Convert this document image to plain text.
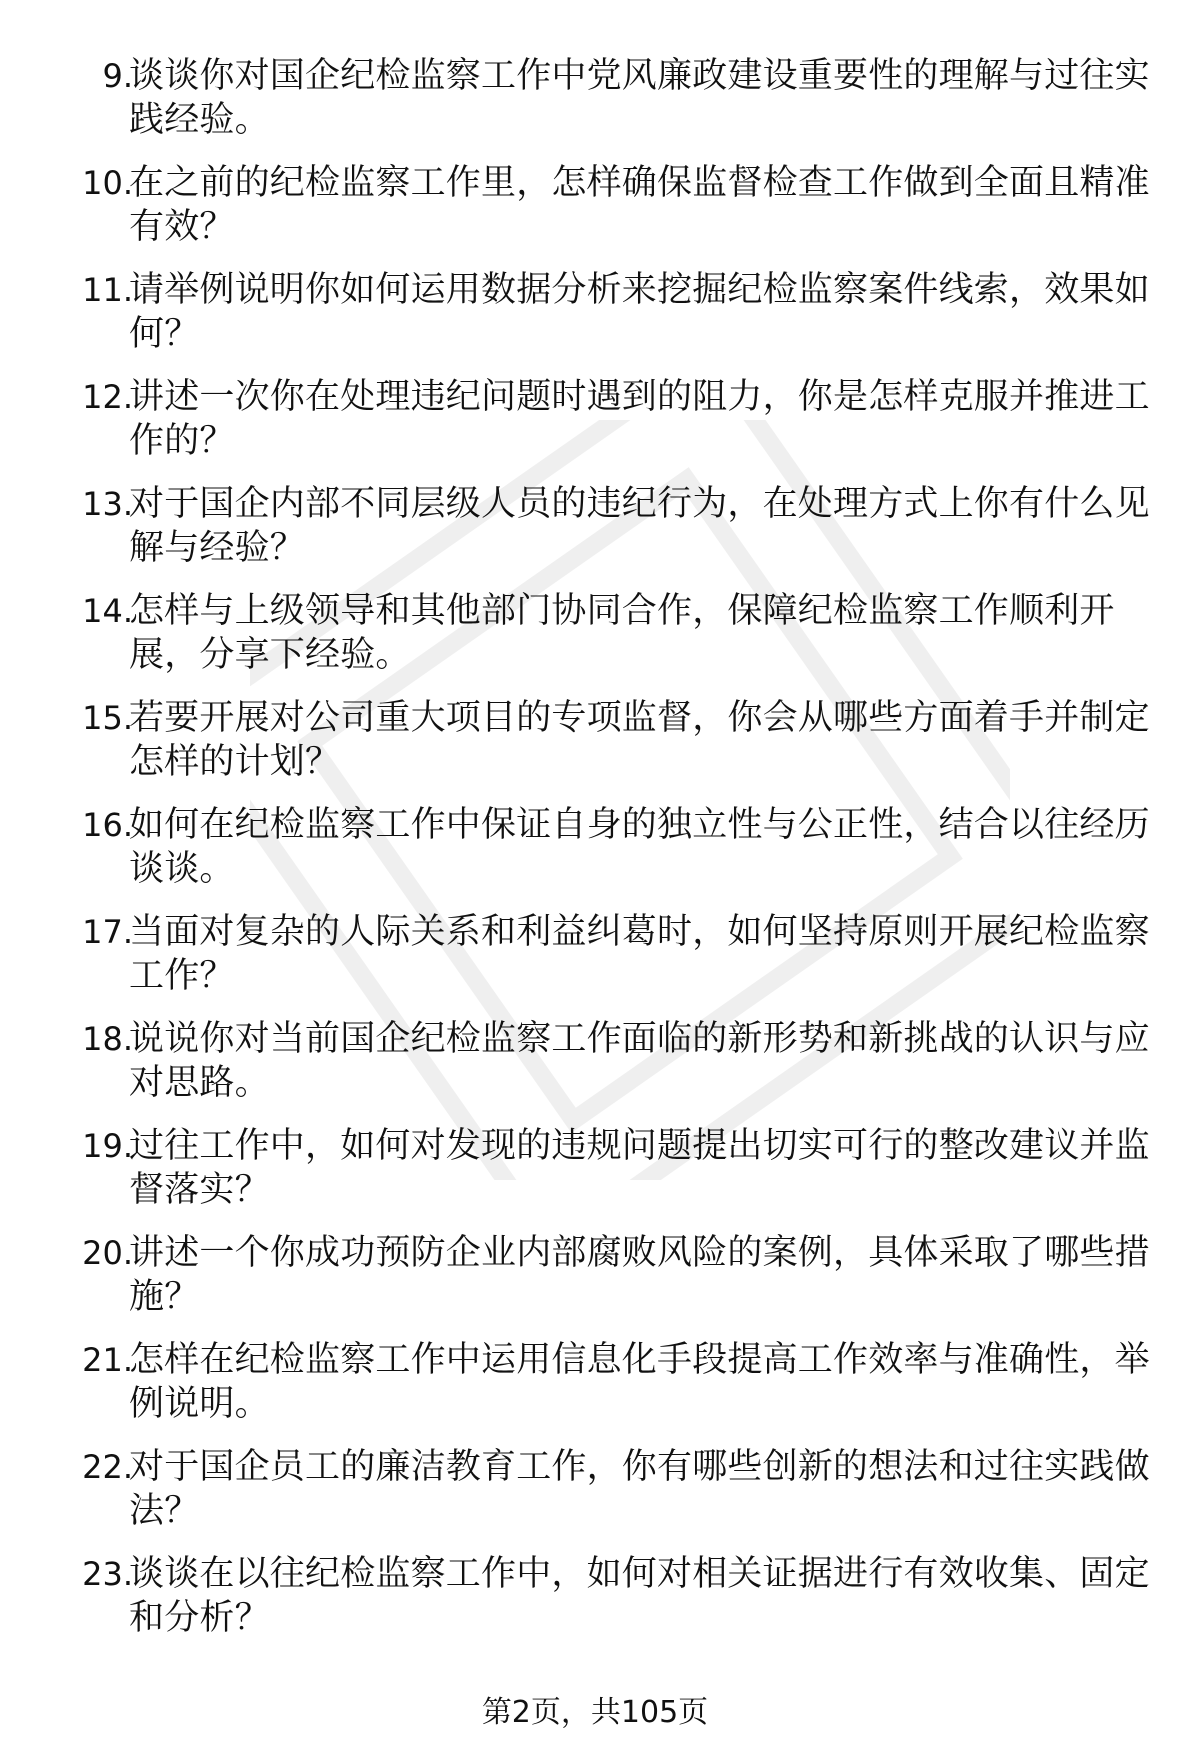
9.
谈谈你对国企纪检监察工作中党风廉政建设重要性的理解与过往实践经验。
10.
在之前的纪检监察工作里，怎样确保监督检查工作做到全面且精准有效？
11.
请举例说明你如何运用数据分析来挖掘纪检监察案件线索，效果如何？
12.
讲述一次你在处理违纪问题时遇到的阻力，你是怎样克服并推进工作的？
13.
对于国企内部不同层级人员的违纪行为，在处理方式上你有什么见解与经验？
14.
怎样与上级领导和其他部门协同合作，保障纪检监察工作顺利开展，分享下经验。
15.
若要开展对公司重大项目的专项监督，你会从哪些方面着手并制定怎样的计划？
16.
如何在纪检监察工作中保证自身的独立性与公正性，结合以往经历谈谈。
17.
当面对复杂的人际关系和利益纠葛时，如何坚持原则开展纪检监察工作？
18.
说说你对当前国企纪检监察工作面临的新形势和新挑战的认识与应对思路。
19.
过往工作中，如何对发现的违规问题提出切实可行的整改建议并监督落实？
20.
讲述一个你成功预防企业内部腐败风险的案例，具体采取了哪些措施？
21.
怎样在纪检监察工作中运用信息化手段提高工作效率与准确性，举例说明。
22.
对于国企员工的廉洁教育工作，你有哪些创新的想法和过往实践做法？
23.
谈谈在以往纪检监察工作中，如何对相关证据进行有效收集、固定和分析？
第2页，共105页
